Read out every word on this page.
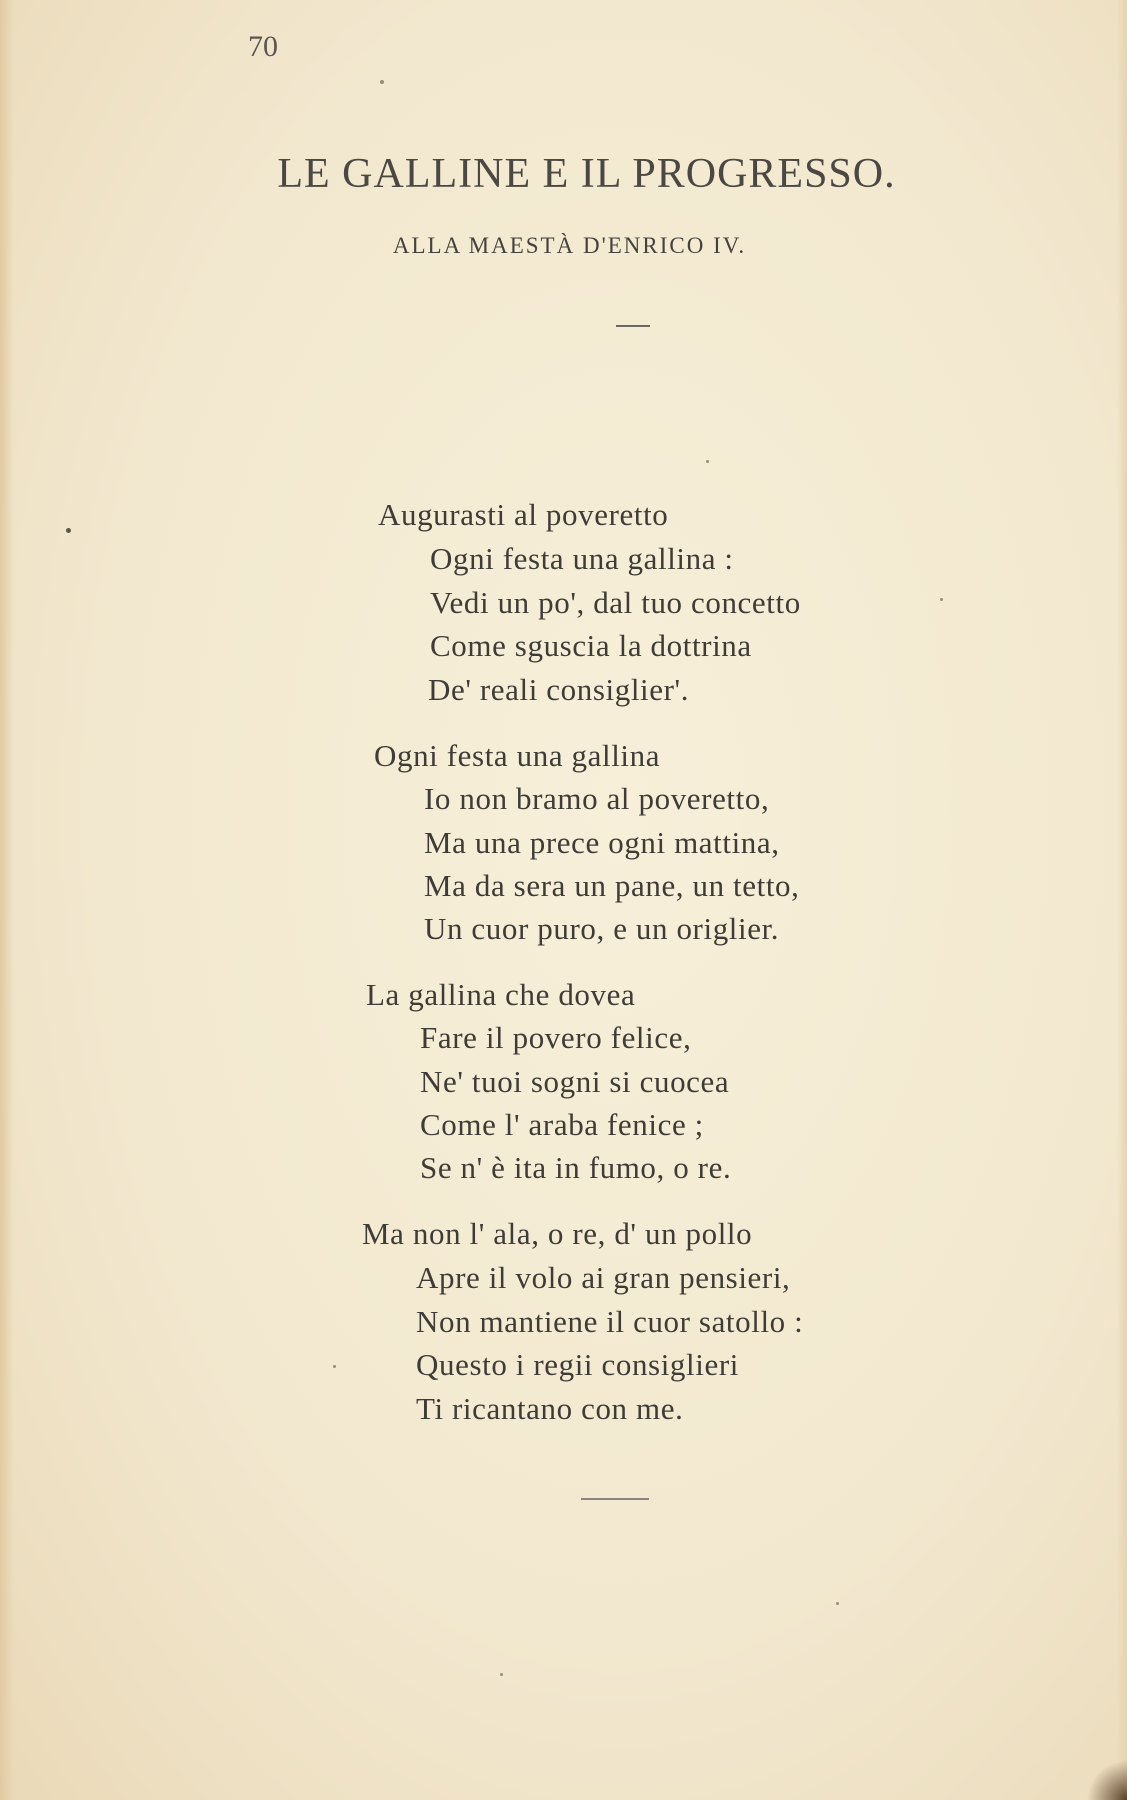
70
LE GALLINE E IL PROGRESSO.
ALLA MAESTÀ D'ENRICO IV.
Augurasti al poveretto
Ogni festa una gallina :
Vedi un po', dal tuo concetto
Come sguscia la dottrina
De' reali consiglier'.
Ogni festa una gallina
Io non bramo al poveretto,
Ma una prece ogni mattina,
Ma da sera un pane, un tetto,
Un cuor puro, e un origlier.
La gallina che dovea
Fare il povero felice,
Ne' tuoi sogni si cuocea
Come l' araba fenice ;
Se n' è ita in fumo, o re.
Ma non l' ala, o re, d' un pollo
Apre il volo ai gran pensieri,
Non mantiene il cuor satollo :
Questo i regii consiglieri
Ti ricantano con me.
